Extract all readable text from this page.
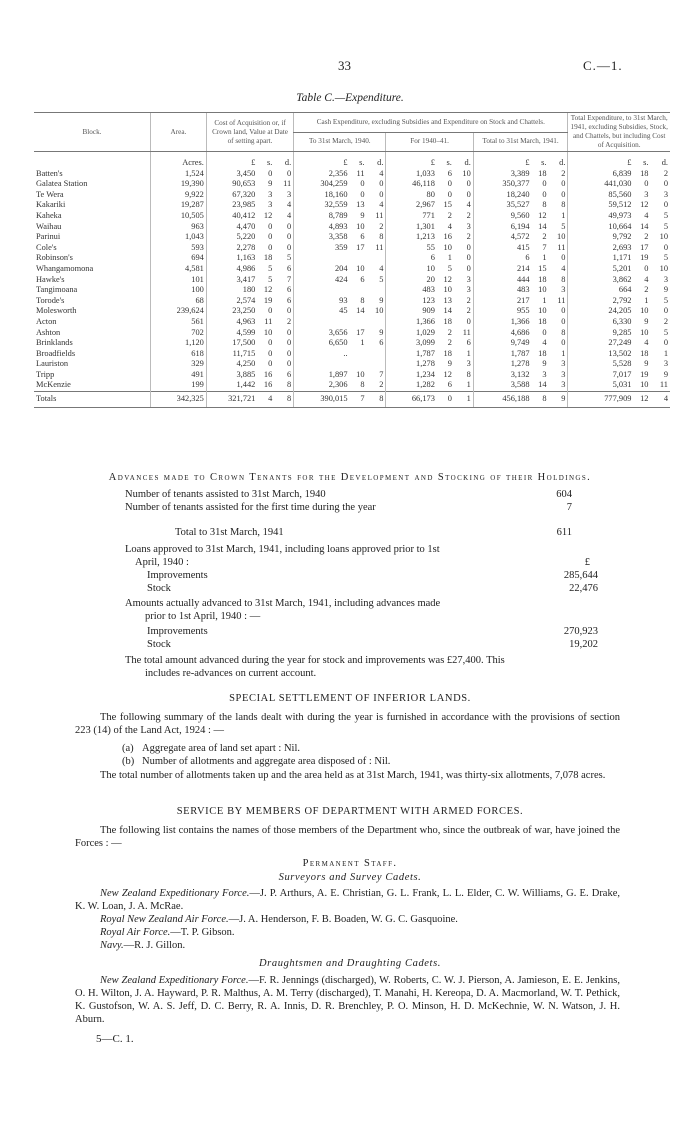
33	C.—1.
Table C.—Expenditure.
Block.	Area.	Cost of Acquisition or, if Crown land, Value at Date of setting apart.			Cash Expenditure, excluding Subsidies and Expenditure on Stock and Chattels.									Total Expenditure, to 31st March, 1941, excluding Subsidies, Stock, and Chattels, but including Cost of Acquisition.		
					To 31st March, 1940.			For 1940–41.			Total to 31st March, 1941.					
	Acres.	£	s.	d.	£	s.	d.	£	s.	d.	£	s.	d.	£	s.	d.
Batten's	1,524	3,450	0	0	2,356	11	4	1,033	6	10	3,389	18	2	6,839	18	2
Galatea Station	19,390	90,653	9	11	304,259	0	0	46,118	0	0	350,377	0	0	441,030	0	0
Te Wera	9,922	67,320	3	3	18,160	0	0	80	0	0	18,240	0	0	85,560	3	3
Kakariki	19,287	23,985	3	4	32,559	13	4	2,967	15	4	35,527	8	8	59,512	12	0
Kaheka	10,505	40,412	12	4	8,789	9	11	771	2	2	9,560	12	1	49,973	4	5
Waihau	963	4,470	0	0	4,893	10	2	1,301	4	3	6,194	14	5	10,664	14	5
Parinui	1,043	5,220	0	0	3,358	6	8	1,213	16	2	4,572	2	10	9,792	2	10
Cole's	593	2,278	0	0	359	17	11	55	10	0	415	7	11	2,693	17	0
Robinson's	694	1,163	18	5				6	1	0	6	1	0	1,171	19	5
Whangamomona	4,581	4,986	5	6	204	10	4	10	5	0	214	15	4	5,201	0	10
Hawke's	101	3,417	5	7	424	6	5	20	12	3	444	18	8	3,862	4	3
Tangimoana	100	180	12	6				483	10	3	483	10	3	664	2	9
Torode's	68	2,574	19	6	93	8	9	123	13	2	217	1	11	2,792	1	5
Molesworth	239,624	23,250	0	0	45	14	10	909	14	2	955	10	0	24,205	10	0
Acton	561	4,963	11	2				1,366	18	0	1,366	18	0	6,330	9	2
Ashton	702	4,599	10	0	3,656	17	9	1,029	2	11	4,686	0	8	9,285	10	5
Brinklands	1,120	17,500	0	0	6,650	1	6	3,099	2	6	9,749	4	0	27,249	4	0
Broadfields	618	11,715	0	0	..			1,787	18	1	1,787	18	1	13,502	18	1
Lauriston	329	4,250	0	0				1,278	9	3	1,278	9	3	5,528	9	3
Tripp	491	3,885	16	6	1,897	10	7	1,234	12	8	3,132	3	3	7,017	19	9
McKenzie	199	1,442	16	8	2,306	8	2	1,282	6	1	3,588	14	3	5,031	10	11
Totals	342,325	321,721	4	8	390,015	7	8	66,173	0	1	456,188	8	9	777,909	12	4
Advances made to Crown Tenants for the Development and Stocking of their Holdings.
Number of tenants assisted to 31st March, 1940	604
Number of tenants assisted for the first time during the year	7
Total to 31st March, 1941	611
Loans approved to 31st March, 1941, including loans approved prior to 1st
April, 1940 :	£
Improvements	285,644
Stock	22,476
Amounts actually advanced to 31st March, 1941, including advances made
prior to 1st April, 1940 : —
Improvements	270,923
Stock	19,202
The total amount advanced during the year for stock and improvements was £27,400. This
includes re-advances on current account.
SPECIAL SETTLEMENT OF INFERIOR LANDS.
The following summary of the lands dealt with during the year is furnished in accordance with the provisions of section 223 (14) of the Land Act, 1924 : —
(a) Aggregate area of land set apart : Nil.
(b) Number of allotments and aggregate area disposed of : Nil.
The total number of allotments taken up and the area held as at 31st March, 1941, was thirty-six allotments, 7,078 acres.
SERVICE BY MEMBERS OF DEPARTMENT WITH ARMED FORCES.
The following list contains the names of those members of the Department who, since the outbreak of war, have joined the Forces : —
Permanent Staff.
Surveyors and Survey Cadets.
New Zealand Expeditionary Force.—J. P. Arthurs, A. E. Christian, G. L. Frank, L. L. Elder, C. W. Williams, G. E. Drake, K. W. Loan, J. A. McRae.
Royal New Zealand Air Force.—J. A. Henderson, F. B. Boaden, W. G. C. Gasquoine.
Royal Air Force.—T. P. Gibson.
Navy.—R. J. Gillon.
Draughtsmen and Draughting Cadets.
New Zealand Expeditionary Force.—F. R. Jennings (discharged), W. Roberts, C. W. J. Pierson, A. Jamieson, E. E. Jenkins, O. H. Wilton, J. A. Hayward, P. R. Malthus, A. M. Terry (discharged), T. Manahi, H. Kereopa, D. A. Macmorland, W. T. Pethick, K. Gustofson, W. A. S. Jeff, D. C. Berry, R. A. Innis, D. R. Brenchley, P. O. Minson, H. D. McKechnie, W. N. Watson, J. H. Aburn.
5—C. 1.
